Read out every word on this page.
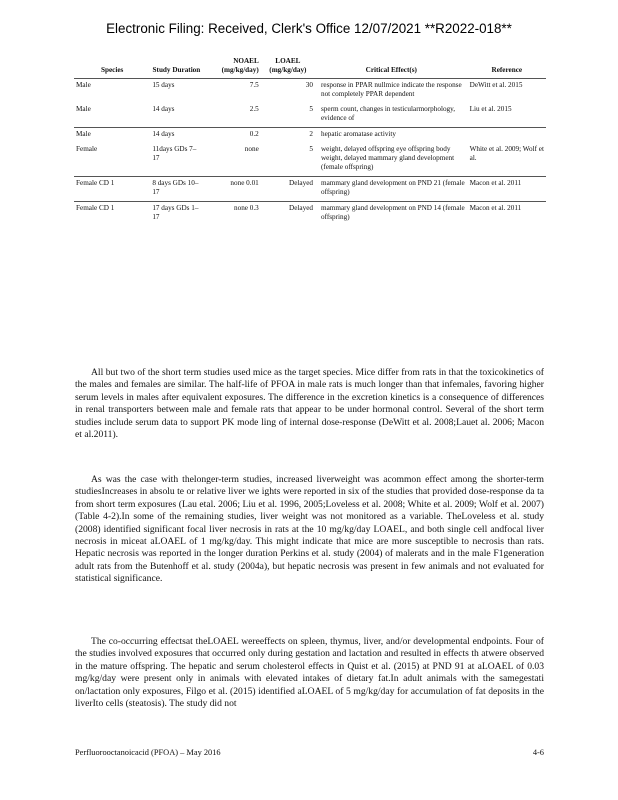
Electronic Filing: Received, Clerk's Office 12/07/2021 **R2022-018**
Species	Study Duration	NOAEL (mg/kg/day)	LOAEL (mg/kg/day)	Critical Effect(s)	Reference
Male	15 days	7.5	30	response in PPAR nullmice indicate the response not completely PPAR dependent	DeWitt et al. 2015
Male	14 days	2.5	5	sperm count, changes in testicularmorphology, evidence of	Liu et al. 2015
Male	14 days	0.2	2	hepatic aromatase activity	
Female	11days GDs 7–17	none	5	weight, delayed offspring eye offspring body weight, delayed mammary gland development (female offspring)	White et al. 2009; Wolf et al.
Female CD 1	8 days GDs 10–17	none 0.01	Delayed	mammary gland development on PND 21 (female offspring)	Macon et al. 2011
Female CD 1	17 days GDs 1–17	none 0.3	Delayed	mammary gland development on PND 14 (female offspring)	Macon et al. 2011

All but two of the short term studies used mice as the target species. Mice differ from rats in that the toxicokinetics of the males and females are similar. The half-life of PFOA in male rats is much longer than that infemales, favoring higher serum levels in males after equivalent exposures. The difference in the excretion kinetics is a consequence of differences in renal transporters between male and female rats that appear to be under hormonal control. Several of the short term studies include serum data to support PK mode ling of internal dose-response (DeWitt et al. 2008;Lauet al. 2006; Macon et al.2011).

As was the case with thelonger-term studies, increased liverweight was acommon effect among the shorter-term studiesIncreases in absolu te or relative liver we ights were reported in six of the studies that provided dose-response da ta from short term exposures (Lau etal. 2006; Liu et al. 1996, 2005;Loveless et al. 2008; White et al. 2009; Wolf et al. 2007) (Table 4-2).In some of the remaining studies, liver weight was not monitored as a variable. TheLoveless et al. study (2008) identified significant focal liver necrosis in rats at the 10 mg/kg/day LOAEL, and both single cell andfocal liver necrosis in miceat aLOAEL of 1 mg/kg/day. This might indicate that mice are more susceptible to necrosis than rats. Hepatic necrosis was reported in the longer duration Perkins et al. study (2004) of malerats and in the male F1generation adult rats from the Butenhoff et al. study (2004a), but hepatic necrosis was present in few animals and not evaluated for statistical significance.

The co-occurring effectsat theLOAEL wereeffects on spleen, thymus, liver, and/or developmental endpoints. Four of the studies involved exposures that occurred only during gestation and lactation and resulted in effects th atwere observed in the mature offspring. The hepatic and serum cholesterol effects in Quist et al. (2015) at PND 91 at aLOAEL of 0.03 mg/kg/day were present only in animals with elevated intakes of dietary fat.In adult animals with the samegestati on/lactation only exposures, Filgo et al. (2015) identified aLOAEL of 5 mg/kg/day for accumulation of fat deposits in the liverIto cells (steatosis). The study did not

Perfluorooctanoicacid (PFOA) – May 2016	4-6
